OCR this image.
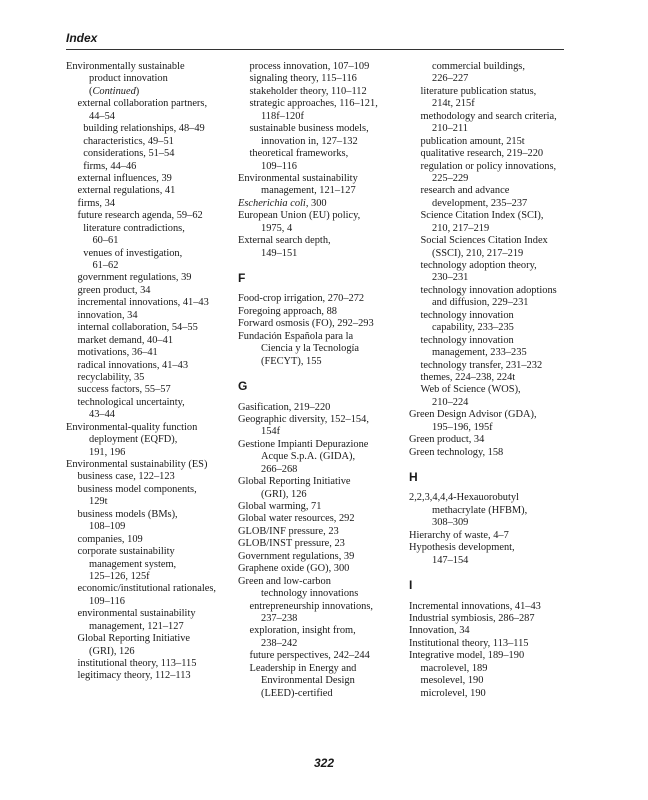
Index
Environmentally sustainable
product innovation
(Continued)
external collaboration partners,
44–54
building relationships, 48–49
characteristics, 49–51
considerations, 51–54
firms, 44–46
external influences, 39
external regulations, 41
firms, 34
future research agenda, 59–62
literature contradictions,
60–61
venues of investigation,
61–62
government regulations, 39
green product, 34
incremental innovations, 41–43
innovation, 34
internal collaboration, 54–55
market demand, 40–41
motivations, 36–41
radical innovations, 41–43
recyclability, 35
success factors, 55–57
technological uncertainty,
43–44
Environmental-quality function
deployment (EQFD),
191, 196
Environmental sustainability (ES)
business case, 122–123
business model components,
129t
business models (BMs),
108–109
companies, 109
corporate sustainability
management system,
125–126, 125f
economic/institutional rationales,
109–116
environmental sustainability
management, 121–127
Global Reporting Initiative
(GRI), 126
institutional theory, 113–115
legitimacy theory, 112–113
process innovation, 107–109
signaling theory, 115–116
stakeholder theory, 110–112
strategic approaches, 116–121,
118f–120f
sustainable business models,
innovation in, 127–132
theoretical frameworks,
109–116
Environmental sustainability
management, 121–127
Escherichia coli, 300
European Union (EU) policy,
1975, 4
External search depth,
149–151
F
Food-crop irrigation, 270–272
Foregoing approach, 88
Forward osmosis (FO), 292–293
Fundación Española para la
Ciencia y la Tecnología
(FECYT), 155
G
Gasification, 219–220
Geographic diversity, 152–154,
154f
Gestione Impianti Depurazione
Acque S.p.A. (GIDA),
266–268
Global Reporting Initiative
(GRI), 126
Global warming, 71
Global water resources, 292
GLOB/INF pressure, 23
GLOB/INST pressure, 23
Government regulations, 39
Graphene oxide (GO), 300
Green and low-carbon
technology innovations
entrepreneurship innovations,
237–238
exploration, insight from,
238–242
future perspectives, 242–244
Leadership in Energy and
Environmental Design
(LEED)-certified
commercial buildings,
226–227
literature publication status,
214t, 215f
methodology and search criteria,
210–211
publication amount, 215t
qualitative research, 219–220
regulation or policy innovations,
225–229
research and advance
development, 235–237
Science Citation Index (SCI),
210, 217–219
Social Sciences Citation Index
(SSCI), 210, 217–219
technology adoption theory,
230–231
technology innovation adoptions
and diffusion, 229–231
technology innovation
capability, 233–235
technology innovation
management, 233–235
technology transfer, 231–232
themes, 224–238, 224t
Web of Science (WOS),
210–224
Green Design Advisor (GDA),
195–196, 195f
Green product, 34
Green technology, 158
H
2,2,3,4,4,4-Hexauorobutyl
methacrylate (HFBM),
308–309
Hierarchy of waste, 4–7
Hypothesis development,
147–154
I
Incremental innovations, 41–43
Industrial symbiosis, 286–287
Innovation, 34
Institutional theory, 113–115
Integrative model, 189–190
macrolevel, 189
mesolevel, 190
microlevel, 190
322
